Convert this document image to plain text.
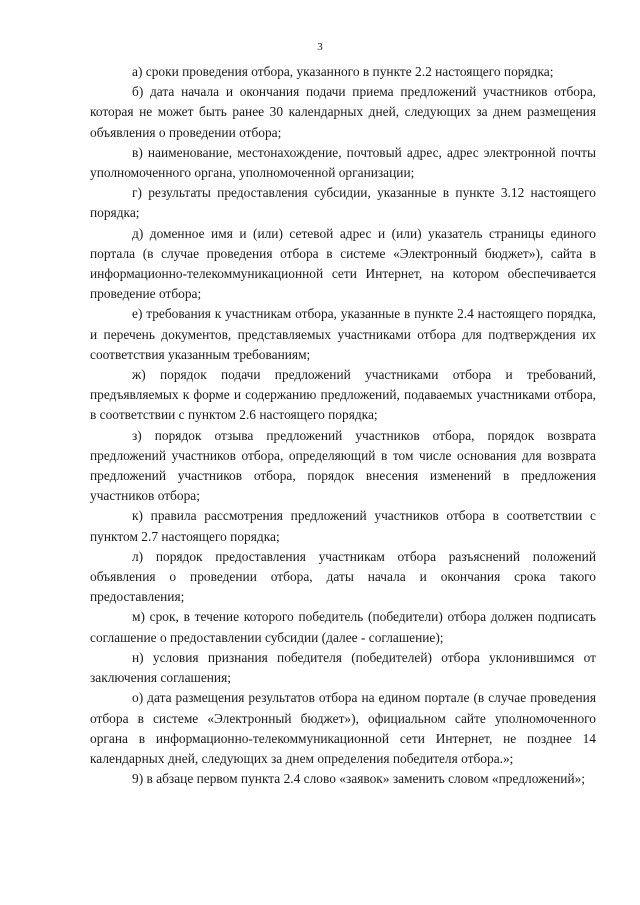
3

а) сроки проведения отбора, указанного в пункте 2.2 настоящего порядка;

б) дата начала и окончания подачи приема предложений участников отбора, которая не может быть ранее 30 календарных дней, следующих за днем размещения объявления о проведении отбора;

в) наименование, местонахождение, почтовый адрес, адрес электронной почты уполномоченного органа, уполномоченной организации;

г) результаты предоставления субсидии, указанные в пункте 3.12 настоящего порядка;

д) доменное имя и (или) сетевой адрес и (или) указатель страницы единого портала (в случае проведения отбора в системе «Электронный бюджет»), сайта в информационно-телекоммуникационной сети Интернет, на котором обеспечивается проведение отбора;

е) требования к участникам отбора, указанные в пункте 2.4 настоящего порядка, и перечень документов, представляемых участниками отбора для подтверждения их соответствия указанным требованиям;

ж) порядок подачи предложений участниками отбора и требований, предъявляемых к форме и содержанию предложений, подаваемых участниками отбора, в соответствии с пунктом 2.6 настоящего порядка;

з) порядок отзыва предложений участников отбора, порядок возврата предложений участников отбора, определяющий в том числе основания для возврата предложений участников отбора, порядок внесения изменений в предложения участников отбора;

к) правила рассмотрения предложений участников отбора в соответствии с пунктом 2.7 настоящего порядка;

л) порядок предоставления участникам отбора разъяснений положений объявления о проведении отбора, даты начала и окончания срока такого предоставления;

м) срок, в течение которого победитель (победители) отбора должен подписать соглашение о предоставлении субсидии (далее - соглашение);

н) условия признания победителя (победителей) отбора уклонившимся от заключения соглашения;

о) дата размещения результатов отбора на едином портале (в случае проведения отбора в системе «Электронный бюджет»), официальном сайте уполномоченного органа в информационно-телекоммуникационной сети Интернет, не позднее 14 календарных дней, следующих за днем определения победителя отбора.»;

9) в абзаце первом пункта 2.4 слово «заявок» заменить словом «предложений»;
